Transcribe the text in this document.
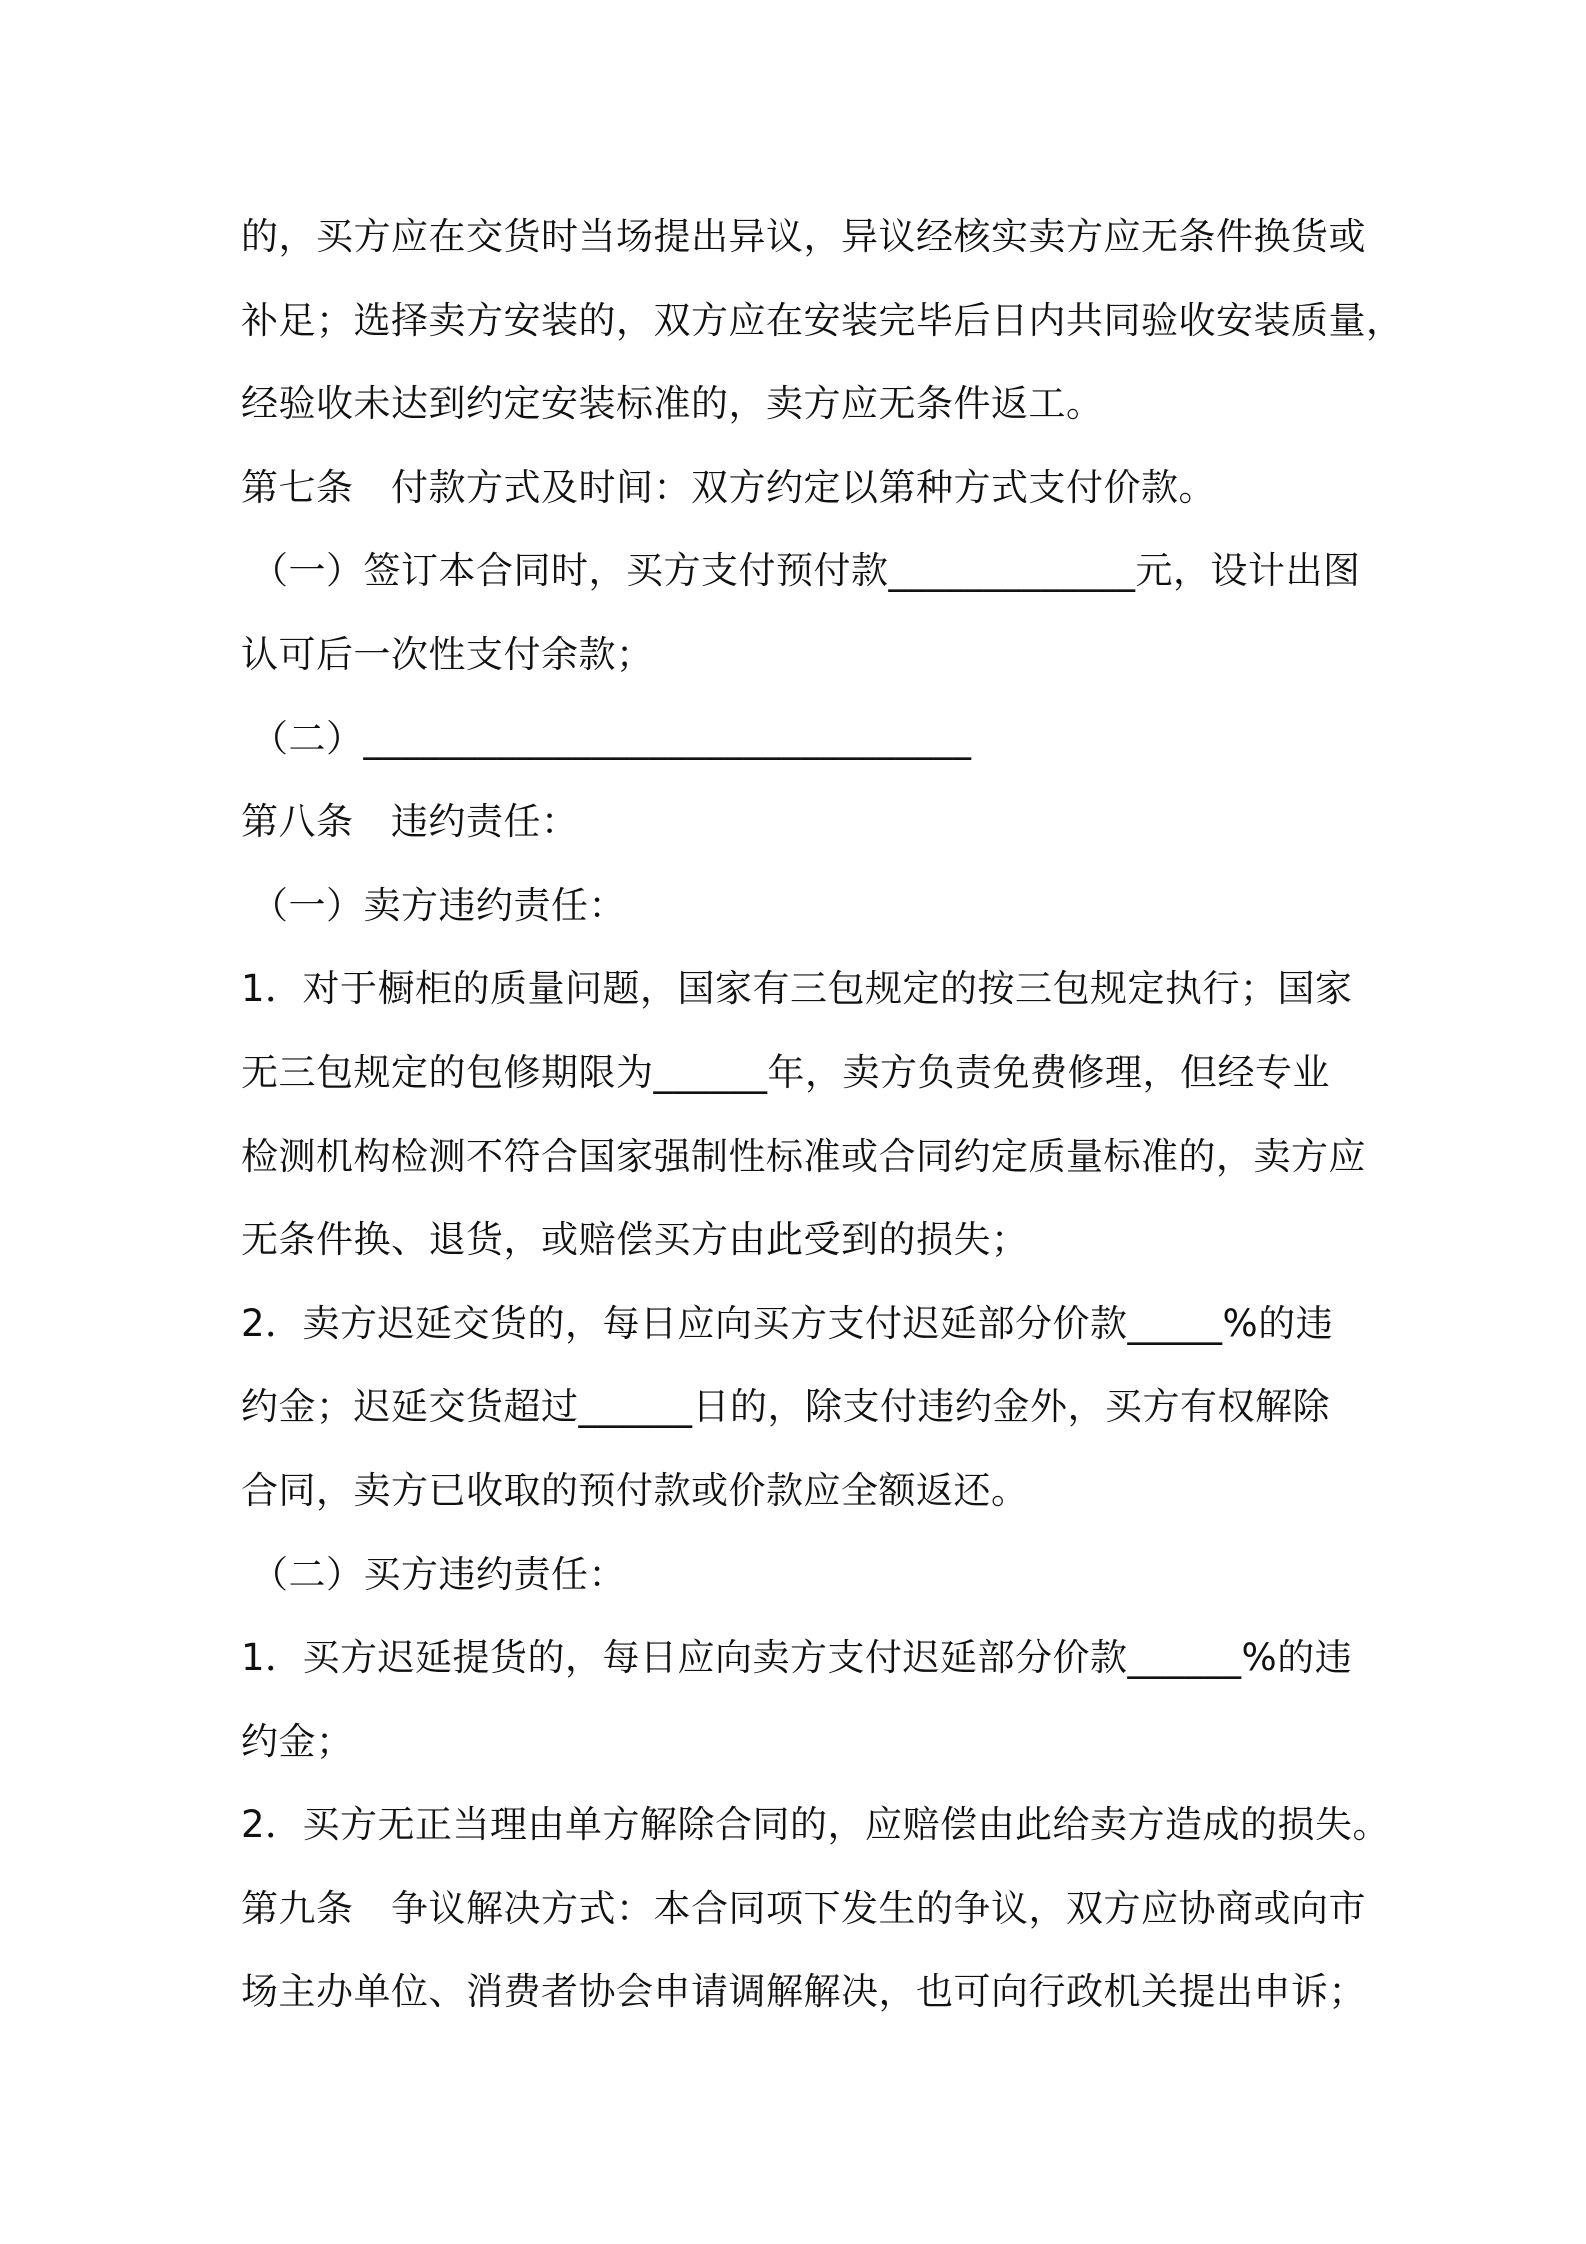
的，买方应在交货时当场提出异议，异议经核实卖方应无条件换货或
补足；选择卖方安装的，双方应在安装完毕后日内共同验收安装质量，
经验收未达到约定安装标准的，卖方应无条件返工。
第七条　付款方式及时间：双方约定以第种方式支付价款。
（一）签订本合同时，买方支付预付款_____________元，设计出图
认可后一次性支付余款；
（二）________________________________
第八条　违约责任：
（一）卖方违约责任：
1．对于橱柜的质量问题，国家有三包规定的按三包规定执行；国家
无三包规定的包修期限为______年，卖方负责免费修理，但经专业
检测机构检测不符合国家强制性标准或合同约定质量标准的，卖方应
无条件换、退货，或赔偿买方由此受到的损失；
2．卖方迟延交货的，每日应向买方支付迟延部分价款_____%的违
约金；迟延交货超过______日的，除支付违约金外，买方有权解除
合同，卖方已收取的预付款或价款应全额返还。
（二）买方违约责任：
1．买方迟延提货的，每日应向卖方支付迟延部分价款______%的违
约金；
2．买方无正当理由单方解除合同的，应赔偿由此给卖方造成的损失。
第九条　争议解决方式：本合同项下发生的争议，双方应协商或向市
场主办单位、消费者协会申请调解解决，也可向行政机关提出申诉；
